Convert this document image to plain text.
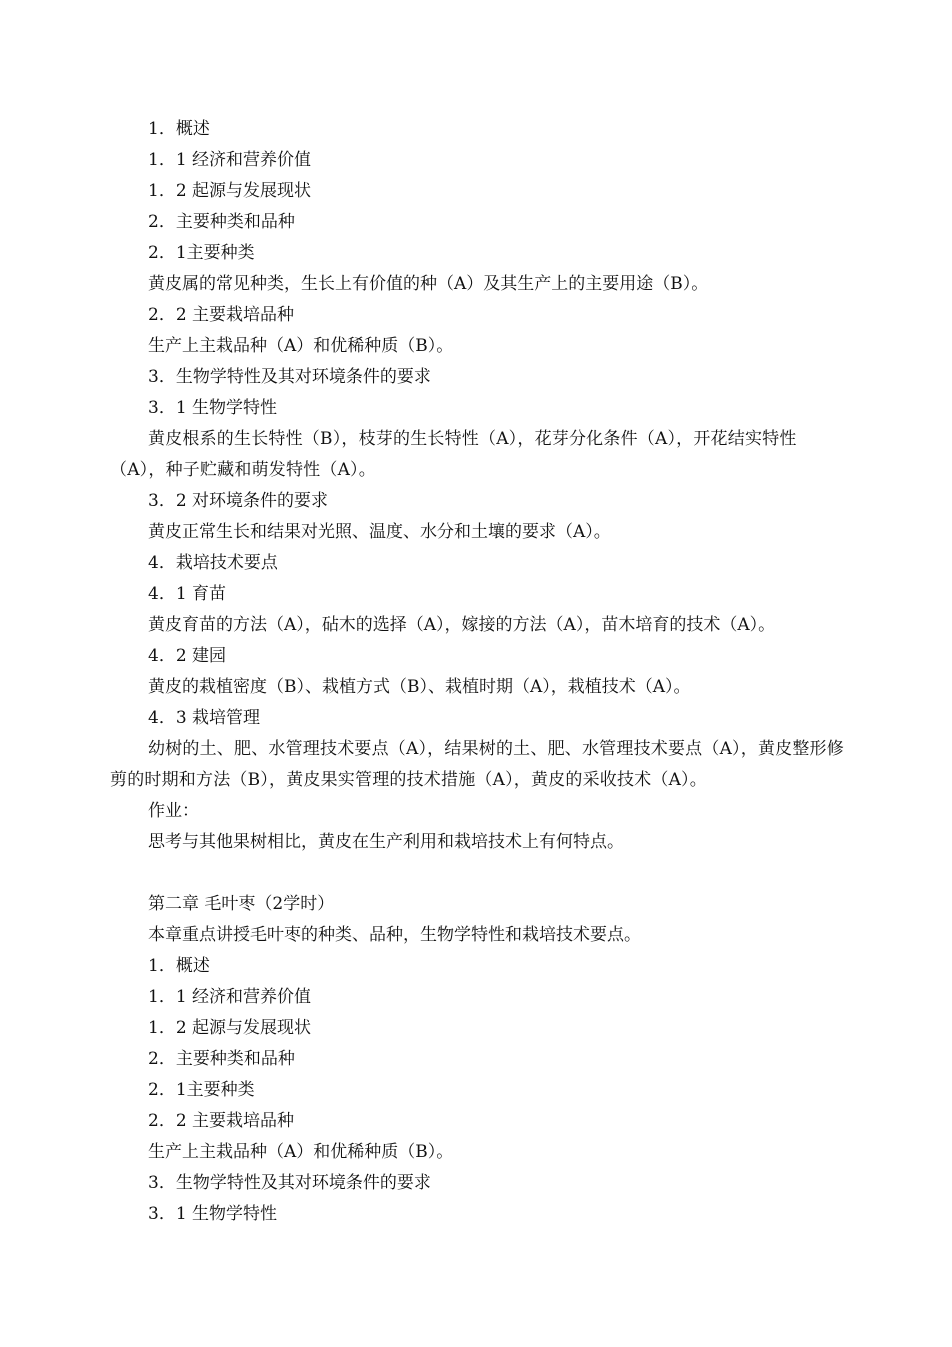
1．概述
1．1 经济和营养价值
1．2 起源与发展现状
2．主要种类和品种
2．1主要种类
黄皮属的常见种类，生长上有价值的种（A）及其生产上的主要用途（B）。
2．2 主要栽培品种
生产上主栽品种（A）和优稀种质（B）。
3．生物学特性及其对环境条件的要求
3．1 生物学特性
黄皮根系的生长特性（B），枝芽的生长特性（A），花芽分化条件（A），开花结实特性（A），种子贮藏和萌发特性（A）。
3．2 对环境条件的要求
黄皮正常生长和结果对光照、温度、水分和土壤的要求（A）。
4．栽培技术要点
4．1 育苗
黄皮育苗的方法（A），砧木的选择（A），嫁接的方法（A），苗木培育的技术（A）。
4．2 建园
黄皮的栽植密度（B）、栽植方式（B）、栽植时期（A），栽植技术（A）。
4．3 栽培管理
幼树的土、肥、水管理技术要点（A），结果树的土、肥、水管理技术要点（A），黄皮整形修剪的时期和方法（B），黄皮果实管理的技术措施（A），黄皮的采收技术（A）。
作业：
思考与其他果树相比，黄皮在生产利用和栽培技术上有何特点。
第二章 毛叶枣（2学时）
本章重点讲授毛叶枣的种类、品种，生物学特性和栽培技术要点。
1．概述
1．1 经济和营养价值
1．2 起源与发展现状
2．主要种类和品种
2．1主要种类
2．2 主要栽培品种
生产上主栽品种（A）和优稀种质（B）。
3．生物学特性及其对环境条件的要求
3．1 生物学特性
